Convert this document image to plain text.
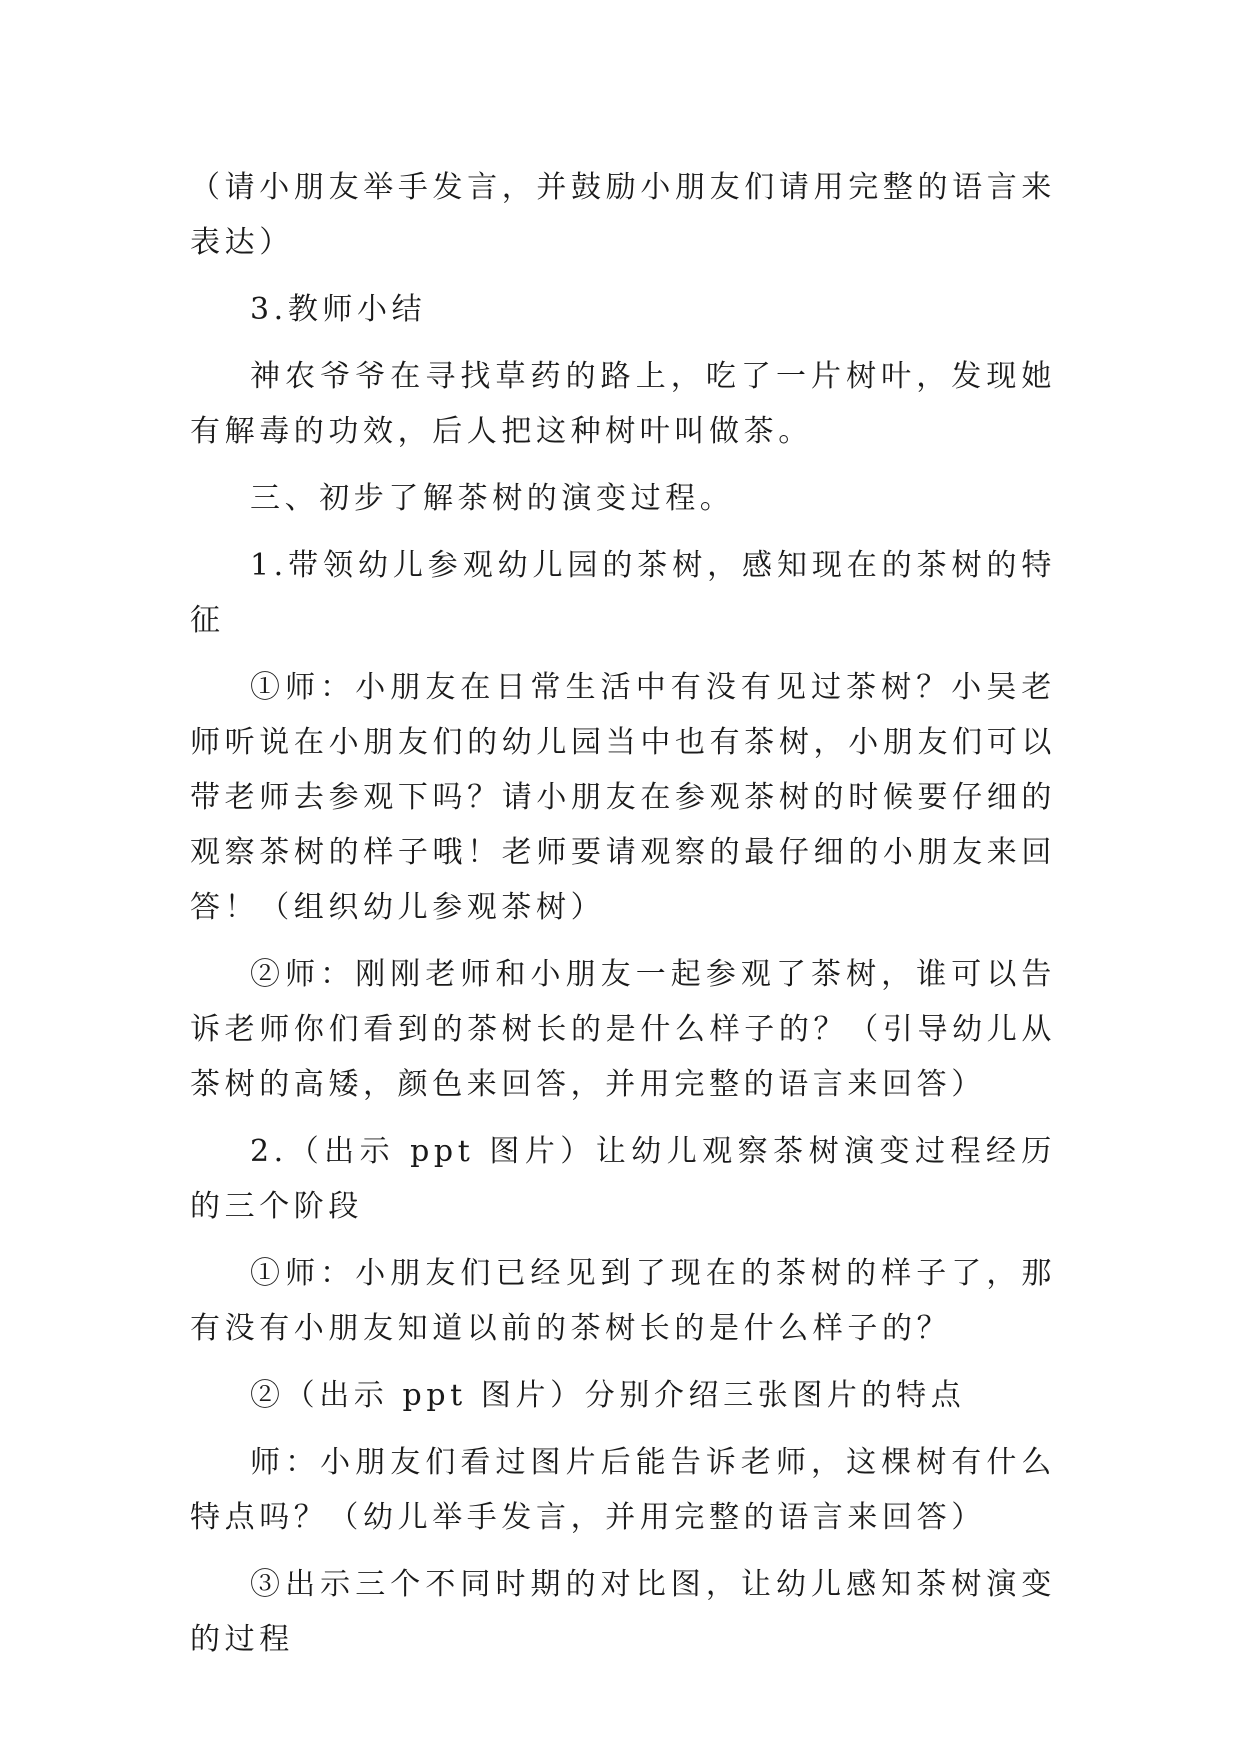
（请小朋友举手发言，并鼓励小朋友们请用完整的语言来表达）

3.教师小结

神农爷爷在寻找草药的路上，吃了一片树叶，发现她有解毒的功效，后人把这种树叶叫做茶。

三、初步了解茶树的演变过程。

1.带领幼儿参观幼儿园的茶树，感知现在的茶树的特征

①师：小朋友在日常生活中有没有见过茶树？小吴老师听说在小朋友们的幼儿园当中也有茶树，小朋友们可以带老师去参观下吗？请小朋友在参观茶树的时候要仔细的观察茶树的样子哦！老师要请观察的最仔细的小朋友来回答！（组织幼儿参观茶树）

②师：刚刚老师和小朋友一起参观了茶树，谁可以告诉老师你们看到的茶树长的是什么样子的？（引导幼儿从茶树的高矮，颜色来回答，并用完整的语言来回答）

2.（出示 ppt 图片）让幼儿观察茶树演变过程经历的三个阶段

①师：小朋友们已经见到了现在的茶树的样子了，那有没有小朋友知道以前的茶树长的是什么样子的？

②（出示 ppt 图片）分别介绍三张图片的特点

师：小朋友们看过图片后能告诉老师，这棵树有什么特点吗？（幼儿举手发言，并用完整的语言来回答）

③出示三个不同时期的对比图，让幼儿感知茶树演变的过程
